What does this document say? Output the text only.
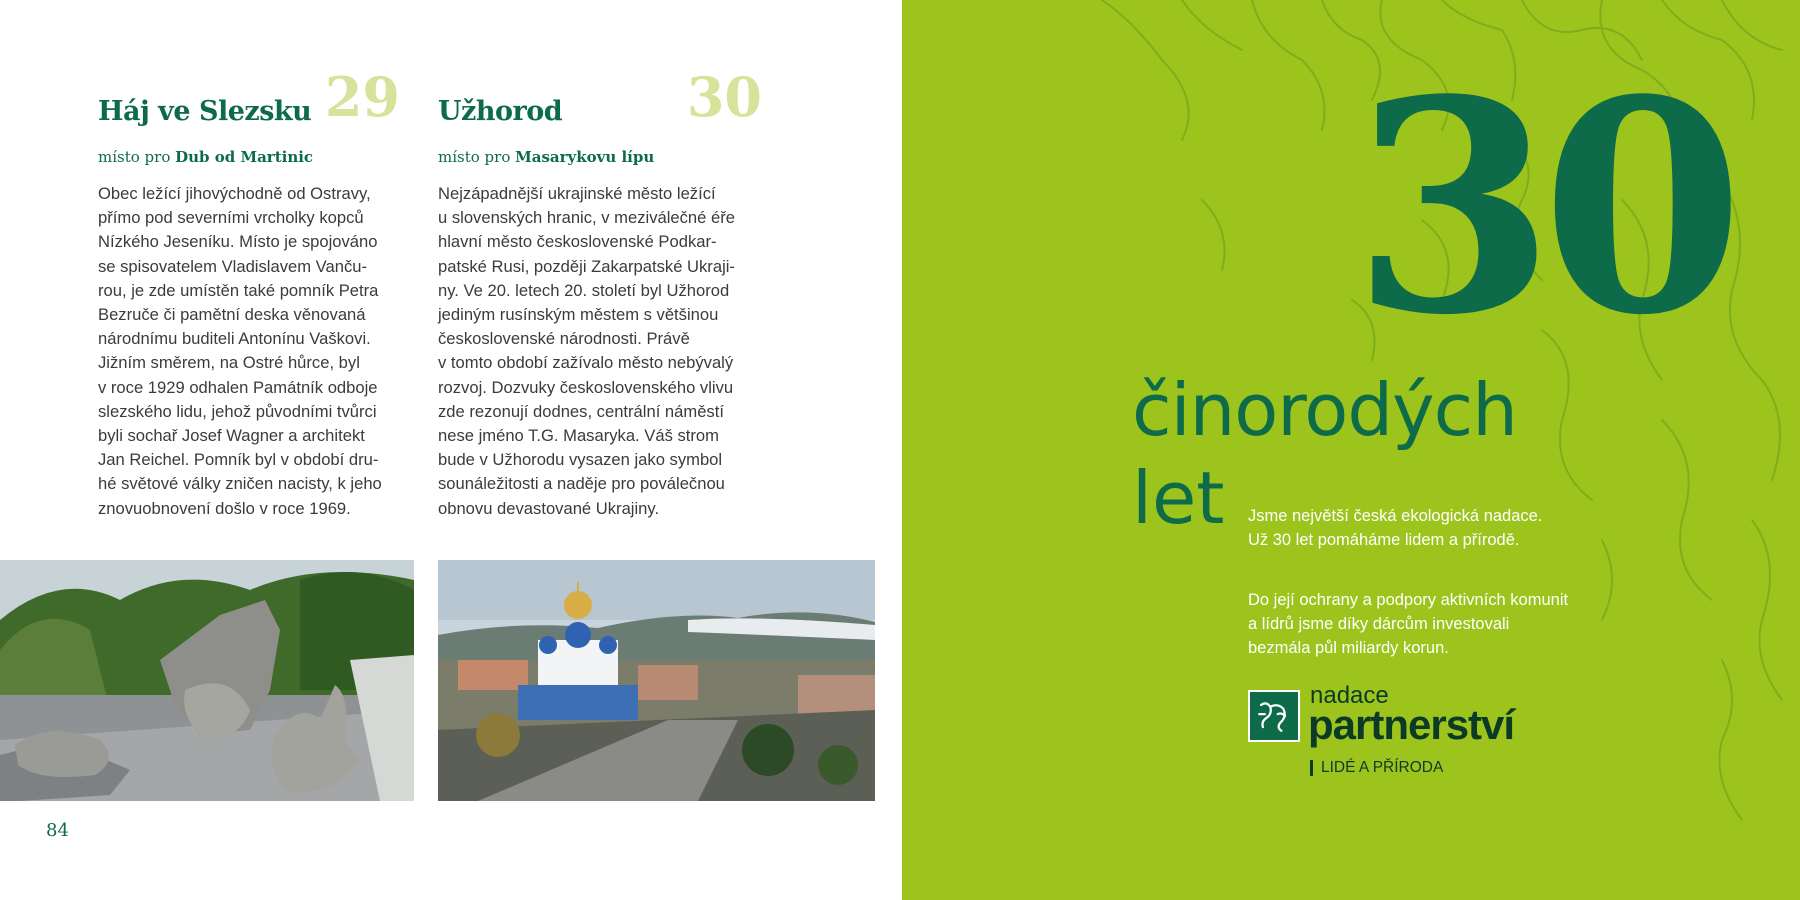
Háj ve Slezsku 29
místo pro Dub od Martinic
Obec ležící jihovýchodně od Ostravy,
přímo pod severními vrcholky kopců
Nízkého Jeseníku. Místo je spojováno
se spisovatelem Vladislavem Vanču-
rou, je zde umístěn také pomník Petra
Bezruče či pamětní deska věnovaná
národnímu buditeli Antonínu Vaškovi.
Jižním směrem, na Ostré hůrce, byl
v roce 1929 odhalen Památník odboje
slezského lidu, jehož původními tvůrci
byli sochař Josef Wagner a architekt
Jan Reichel. Pomník byl v období dru-
hé světové války zničen nacisty, k jeho
znovuobnovení došlo v roce 1969.
Užhorod 30
místo pro Masarykovu lípu
Nejzápadnější ukrajinské město ležící
u slovenských hranic, v meziválečné éře
hlavní město československé Podkar-
patské Rusi, později Zakarpatské Ukraji-
ny. Ve 20. letech 20. století byl Užhorod
jediným rusínským městem s většinou
československé národnosti. Právě
v tomto období zažívalo město nebývalý
rozvoj. Dozvuky československého vlivu
zde rezonují dodnes, centrální náměstí
nese jméno T.G. Masaryka. Váš strom
bude v Užhorodu vysazen jako symbol
sounáležitosti a naděje pro poválečnou
obnovu devastované Ukrajiny.
84
30
činorodých
let Jsme největší česká ekologická nadace.
Už 30 let pomáháme lidem a přírodě.

Do její ochrany a podpory aktivních komunit
a lídrů jsme díky dárcům investovali
bezmála půl miliardy korun.

nadace
partnerství
LIDÉ A PŘÍRODA
